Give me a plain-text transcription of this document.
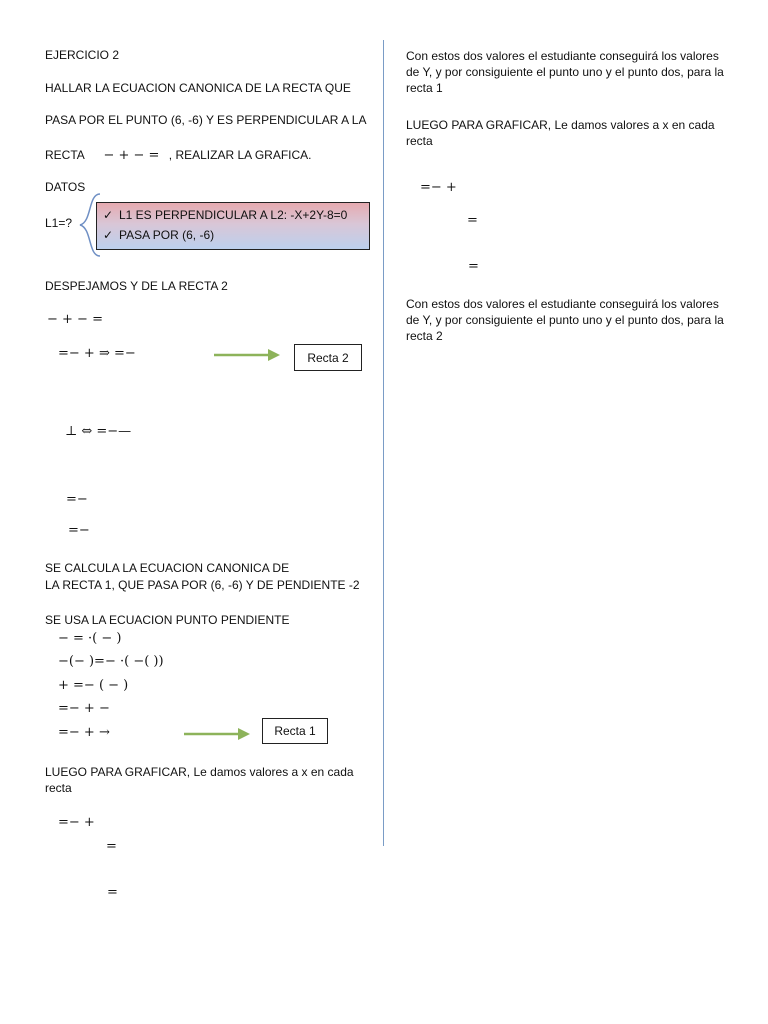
EJERCICIO 2
HALLAR LA ECUACION CANONICA DE LA RECTA QUE
PASA POR EL PUNTO (6, -6) Y ES PERPENDICULAR A LA
RECTA − + − = , REALIZAR LA GRAFICA.
DATOS
L1=?
✓ L1 ES PERPENDICULAR A L2: -X+2Y-8=0
✓ PASA POR (6, -6)
DESPEJAMOS Y DE LA RECTA 2
− + − =
=− + ⇒ =−	Recta 2
⊥ ⇔ =−—
=−
=−
SE CALCULA LA ECUACION CANONICA DE
LA RECTA 1, QUE PASA POR (6, -6) Y DE PENDIENTE -2
SE USA LA ECUACION PUNTO PENDIENTE
− = ·( − )
−(− )=− ·( −( ))
+ =− ( − )
=− + −
=− + →	Recta 1
LUEGO PARA GRAFICAR, Le damos valores a x en cada recta
=− +
=
=
Con estos dos valores el estudiante conseguirá los valores de Y, y por consiguiente el punto uno y el punto dos, para la recta 1
LUEGO PARA GRAFICAR, Le damos valores a x en cada recta
=− +
=
=
Con estos dos valores el estudiante conseguirá los valores de Y, y por consiguiente el punto uno y el punto dos, para la recta 2
